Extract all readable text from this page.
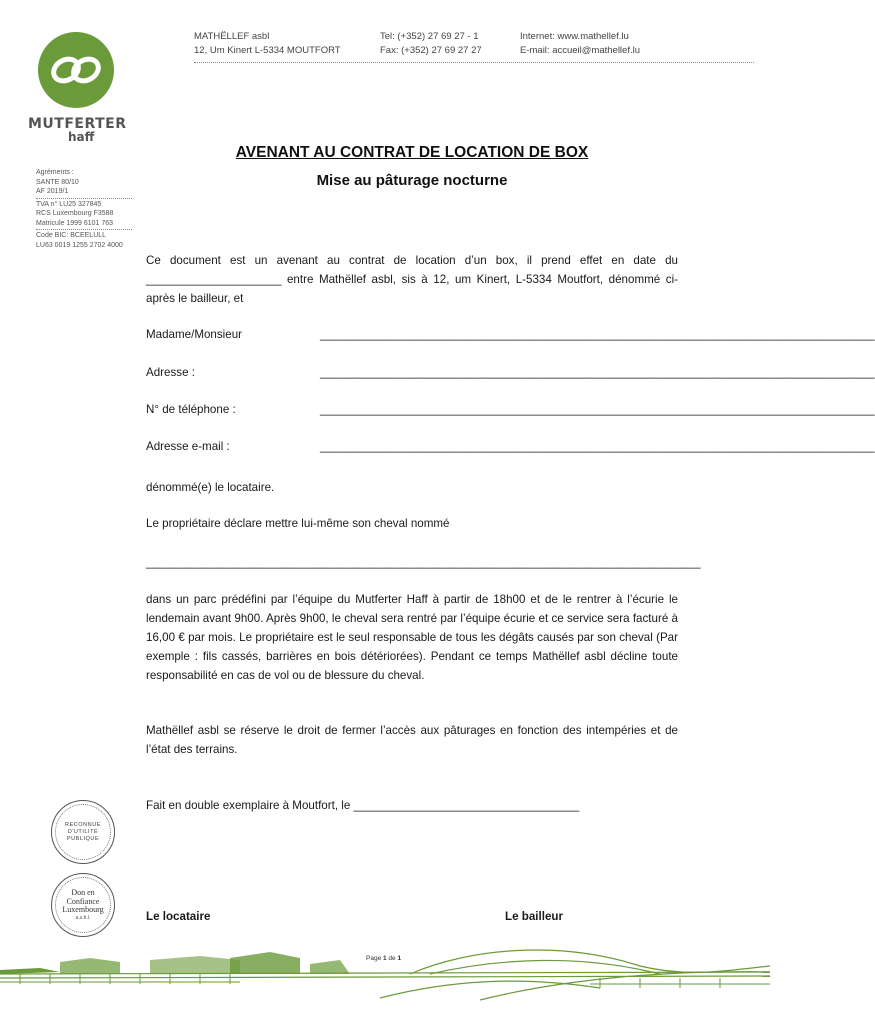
MUTFERTER
haff
MATHËLLEF asbl
12, Um Kinert L-5334 MOUTFORT
Tel: (+352) 27 69 27 - 1
Fax: (+352) 27 69 27 27
Internet: www.mathellef.lu
E-mail: accueil@mathellef.lu
Agréments :
SANTE 80/10
AF 2019/1
TVA n° LU25 327845
RCS Luxembourg F3588
Matricule 1999 6101 763
Code BIC: BCEELULL
LU63 0019 1255 2702 4000
AVENANT AU CONTRAT DE LOCATION DE BOX
Mise au pâturage nocturne
Ce document est un avenant au contrat de location d’un box, il prend effet en date du _____________________ entre Mathëllef asbl, sis à 12, um Kinert, L-5334 Moutfort, dénommé ci-après le bailleur, et
Madame/Monsieur	______________________________________________________________________________________
Adresse :	______________________________________________________________________________________
N° de téléphone :	______________________________________________________________________________________
Adresse e-mail :	______________________________________________________________________________________
dénommé(e) le locataire.
Le propriétaire déclare mettre lui-même son cheval nommé
______________________________________________________________________________________
dans un parc prédéfini par l’équipe du Mutferter Haff à partir de 18h00 et de le rentrer à l’écurie le lendemain avant 9h00. Après 9h00, le cheval sera rentré par l’équipe écurie et ce service sera facturé à 16,00 € par mois. Le propriétaire est le seul responsable de tous les dégâts causés par son cheval (Par exemple : fils cassés, barrières en bois détériorées). Pendant ce temps Mathëllef asbl décline toute responsabilité en cas de vol ou de blessure du cheval.
Mathëllef asbl se réserve le droit de fermer l’accès aux pâturages en fonction des intempéries et de l’état des terrains.
Fait en double exemplaire à Moutfort, le ___________________________________
Le locataire	Le bailleur
RECONNUE
D'UTILITÉ
PUBLIQUE
Don en
Confiance
Luxembourg
a.s.b.l.
Page 1 de 1
